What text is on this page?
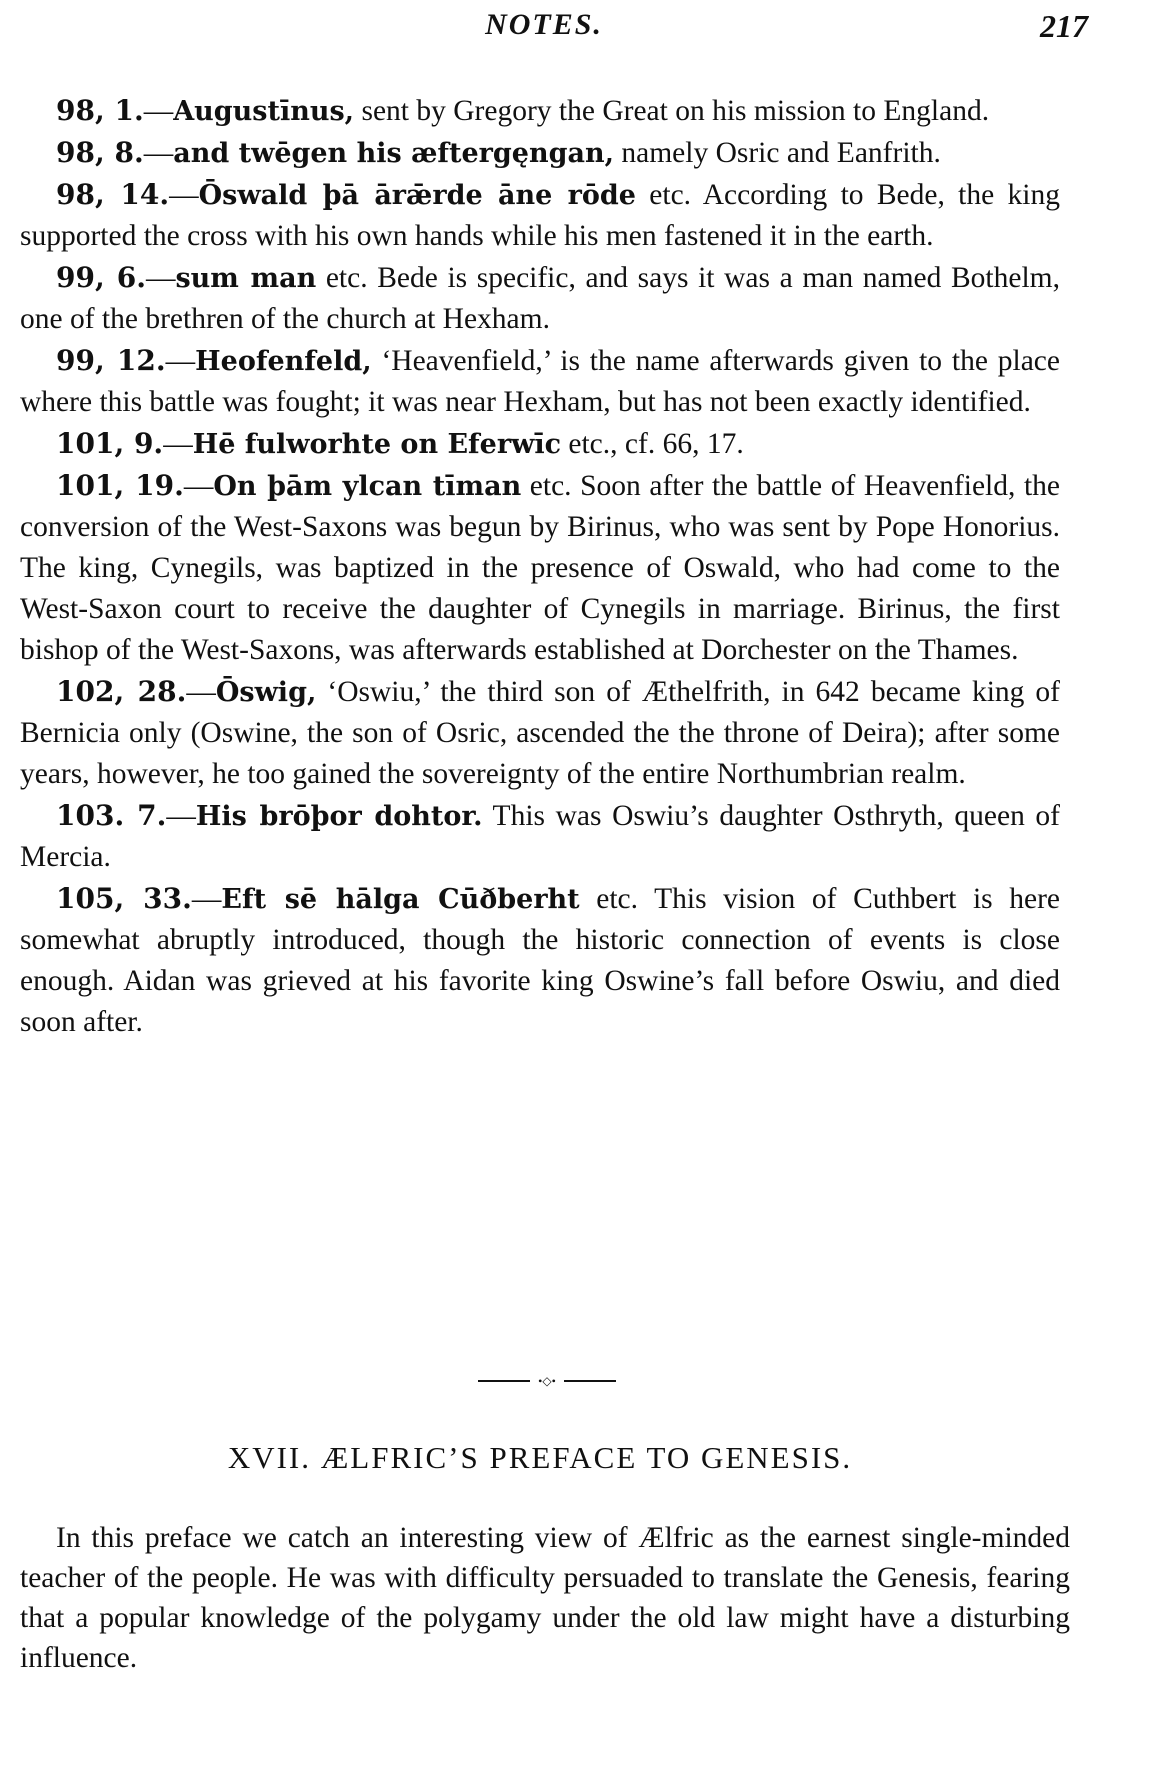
NOTES.	217

98, 1.—Augustīnus, sent by Gregory the Great on his mission to England.

98, 8.—and twēgen his æftergęngan, namely Osric and Eanfrith.

98, 14.—Ōswald þā ārǣrde āne rōde etc. According to Bede, the king supported the cross with his own hands while his men fastened it in the earth.

99, 6.—sum man etc. Bede is specific, and says it was a man named Bothelm, one of the brethren of the church at Hexham.

99, 12.—Heofenfeld, ‘Heavenfield,’ is the name afterwards given to the place where this battle was fought; it was near Hexham, but has not been exactly identified.

101, 9.—Hē fulworhte on Eferwīc etc., cf. 66, 17.

101, 19.—On þām ylcan tīman etc. Soon after the battle of Heavenfield, the conversion of the West-Saxons was begun by Birinus, who was sent by Pope Honorius. The king, Cynegils, was baptized in the presence of Oswald, who had come to the West-Saxon court to receive the daughter of Cynegils in marriage. Birinus, the first bishop of the West-Saxons, was afterwards established at Dorchester on the Thames.

102, 28.—Ōswig, ‘Oswiu,’ the third son of Æthelfrith, in 642 became king of Bernicia only (Oswine, the son of Osric, ascended the the throne of Deira); after some years, however, he too gained the sovereignty of the entire Northumbrian realm.

103. 7.—His brōþor dohtor. This was Oswiu’s daughter Osthryth, queen of Mercia.

105, 33.—Eft sē hālga Cūðberht etc. This vision of Cuthbert is here somewhat abruptly introduced, though the historic connection of events is close enough. Aidan was grieved at his favorite king Oswine’s fall before Oswiu, and died soon after.

•◇•
XVII. ÆLFRIC’S PREFACE TO GENESIS.

In this preface we catch an interesting view of Ælfric as the earnest single-minded teacher of the people. He was with difficulty persuaded to translate the Genesis, fearing that a popular knowledge of the polygamy under the old law might have a disturbing influence.
